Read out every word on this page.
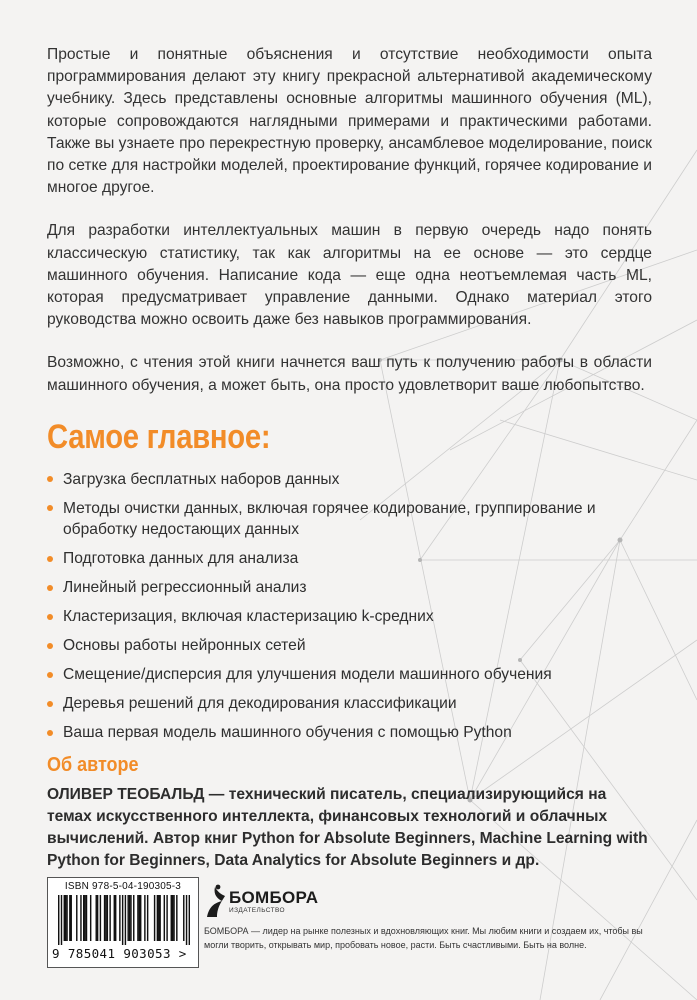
Простые и понятные объяснения и отсутствие необходимости опыта программирования делают эту книгу прекрасной альтернативой академическому учебнику. Здесь представлены основные алгоритмы машинного обучения (ML), которые сопровождаются наглядными примерами и практическими работами. Также вы узнаете про перекрестную проверку, ансамблевое моделирование, поиск по сетке для настройки моделей, проектирование функций, горячее кодирование и многое другое.

Для разработки интеллектуальных машин в первую очередь надо понять классическую статистику, так как алгоритмы на ее основе — это сердце машинного обучения. Написание кода — еще одна неотъемлемая часть ML, которая предусматривает управление данными. Однако материал этого руководства можно освоить даже без навыков программирования.

Возможно, с чтения этой книги начнется ваш путь к получению работы в области машинного обучения, а может быть, она просто удовлетворит ваше любопытство.

Самое главное:
Загрузка бесплатных наборов данных
Методы очистки данных, включая горячее кодирование, группирование и обработку недостающих данных
Подготовка данных для анализа
Линейный регрессионный анализ
Кластеризация, включая кластеризацию k-средних
Основы работы нейронных сетей
Смещение/дисперсия для улучшения модели машинного обучения
Деревья решений для декодирования классификации
Ваша первая модель машинного обучения с помощью Python
Об авторе

ОЛИВЕР ТЕОБАЛЬД — технический писатель, специализирующийся на темах искусственного интеллекта, финансовых технологий и облачных вычислений. Автор книг Python for Absolute Beginners, Machine Learning with Python for Beginners, Data Analytics for Absolute Beginners и др.

ISBN 978-5-04-190305-3
9 785041 903053 >
БОМБОРА
ИЗДАТЕЛЬСТВО

БОМБОРА — лидер на рынке полезных и вдохновляющих книг. Мы любим книги и создаем их, чтобы вы могли творить, открывать мир, пробовать новое, расти. Быть счастливыми. Быть на волне.
